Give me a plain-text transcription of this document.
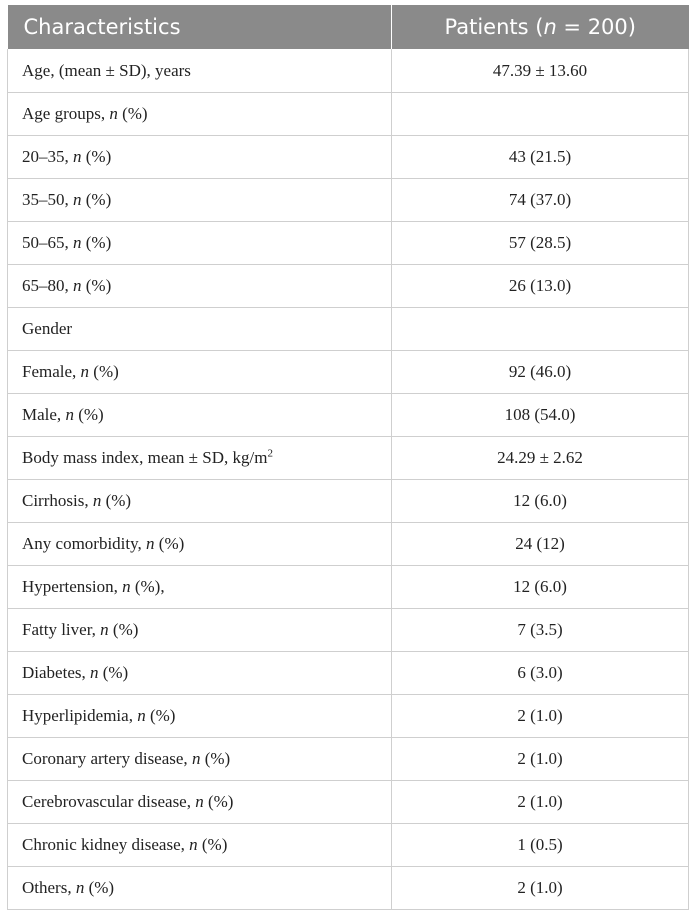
Characteristics	Patients (n = 200)
Age, (mean ± SD), years	47.39 ± 13.60
Age groups, n (%)	
20–35, n (%)	43 (21.5)
35–50, n (%)	74 (37.0)
50–65, n (%)	57 (28.5)
65–80, n (%)	26 (13.0)
Gender	
Female, n (%)	92 (46.0)
Male, n (%)	108 (54.0)
Body mass index, mean ± SD, $kg/m^2$	24.29 ± 2.62
Cirrhosis, n (%)	12 (6.0)
Any comorbidity, n (%)	24 (12)
Hypertension, n (%),	12 (6.0)
Fatty liver, n (%)	7 (3.5)
Diabetes, n (%)	6 (3.0)
Hyperlipidemia, n (%)	2 (1.0)
Coronary artery disease, n (%)	2 (1.0)
Cerebrovascular disease, n (%)	2 (1.0)
Chronic kidney disease, n (%)	1 (0.5)
Others, n (%)	2 (1.0)
